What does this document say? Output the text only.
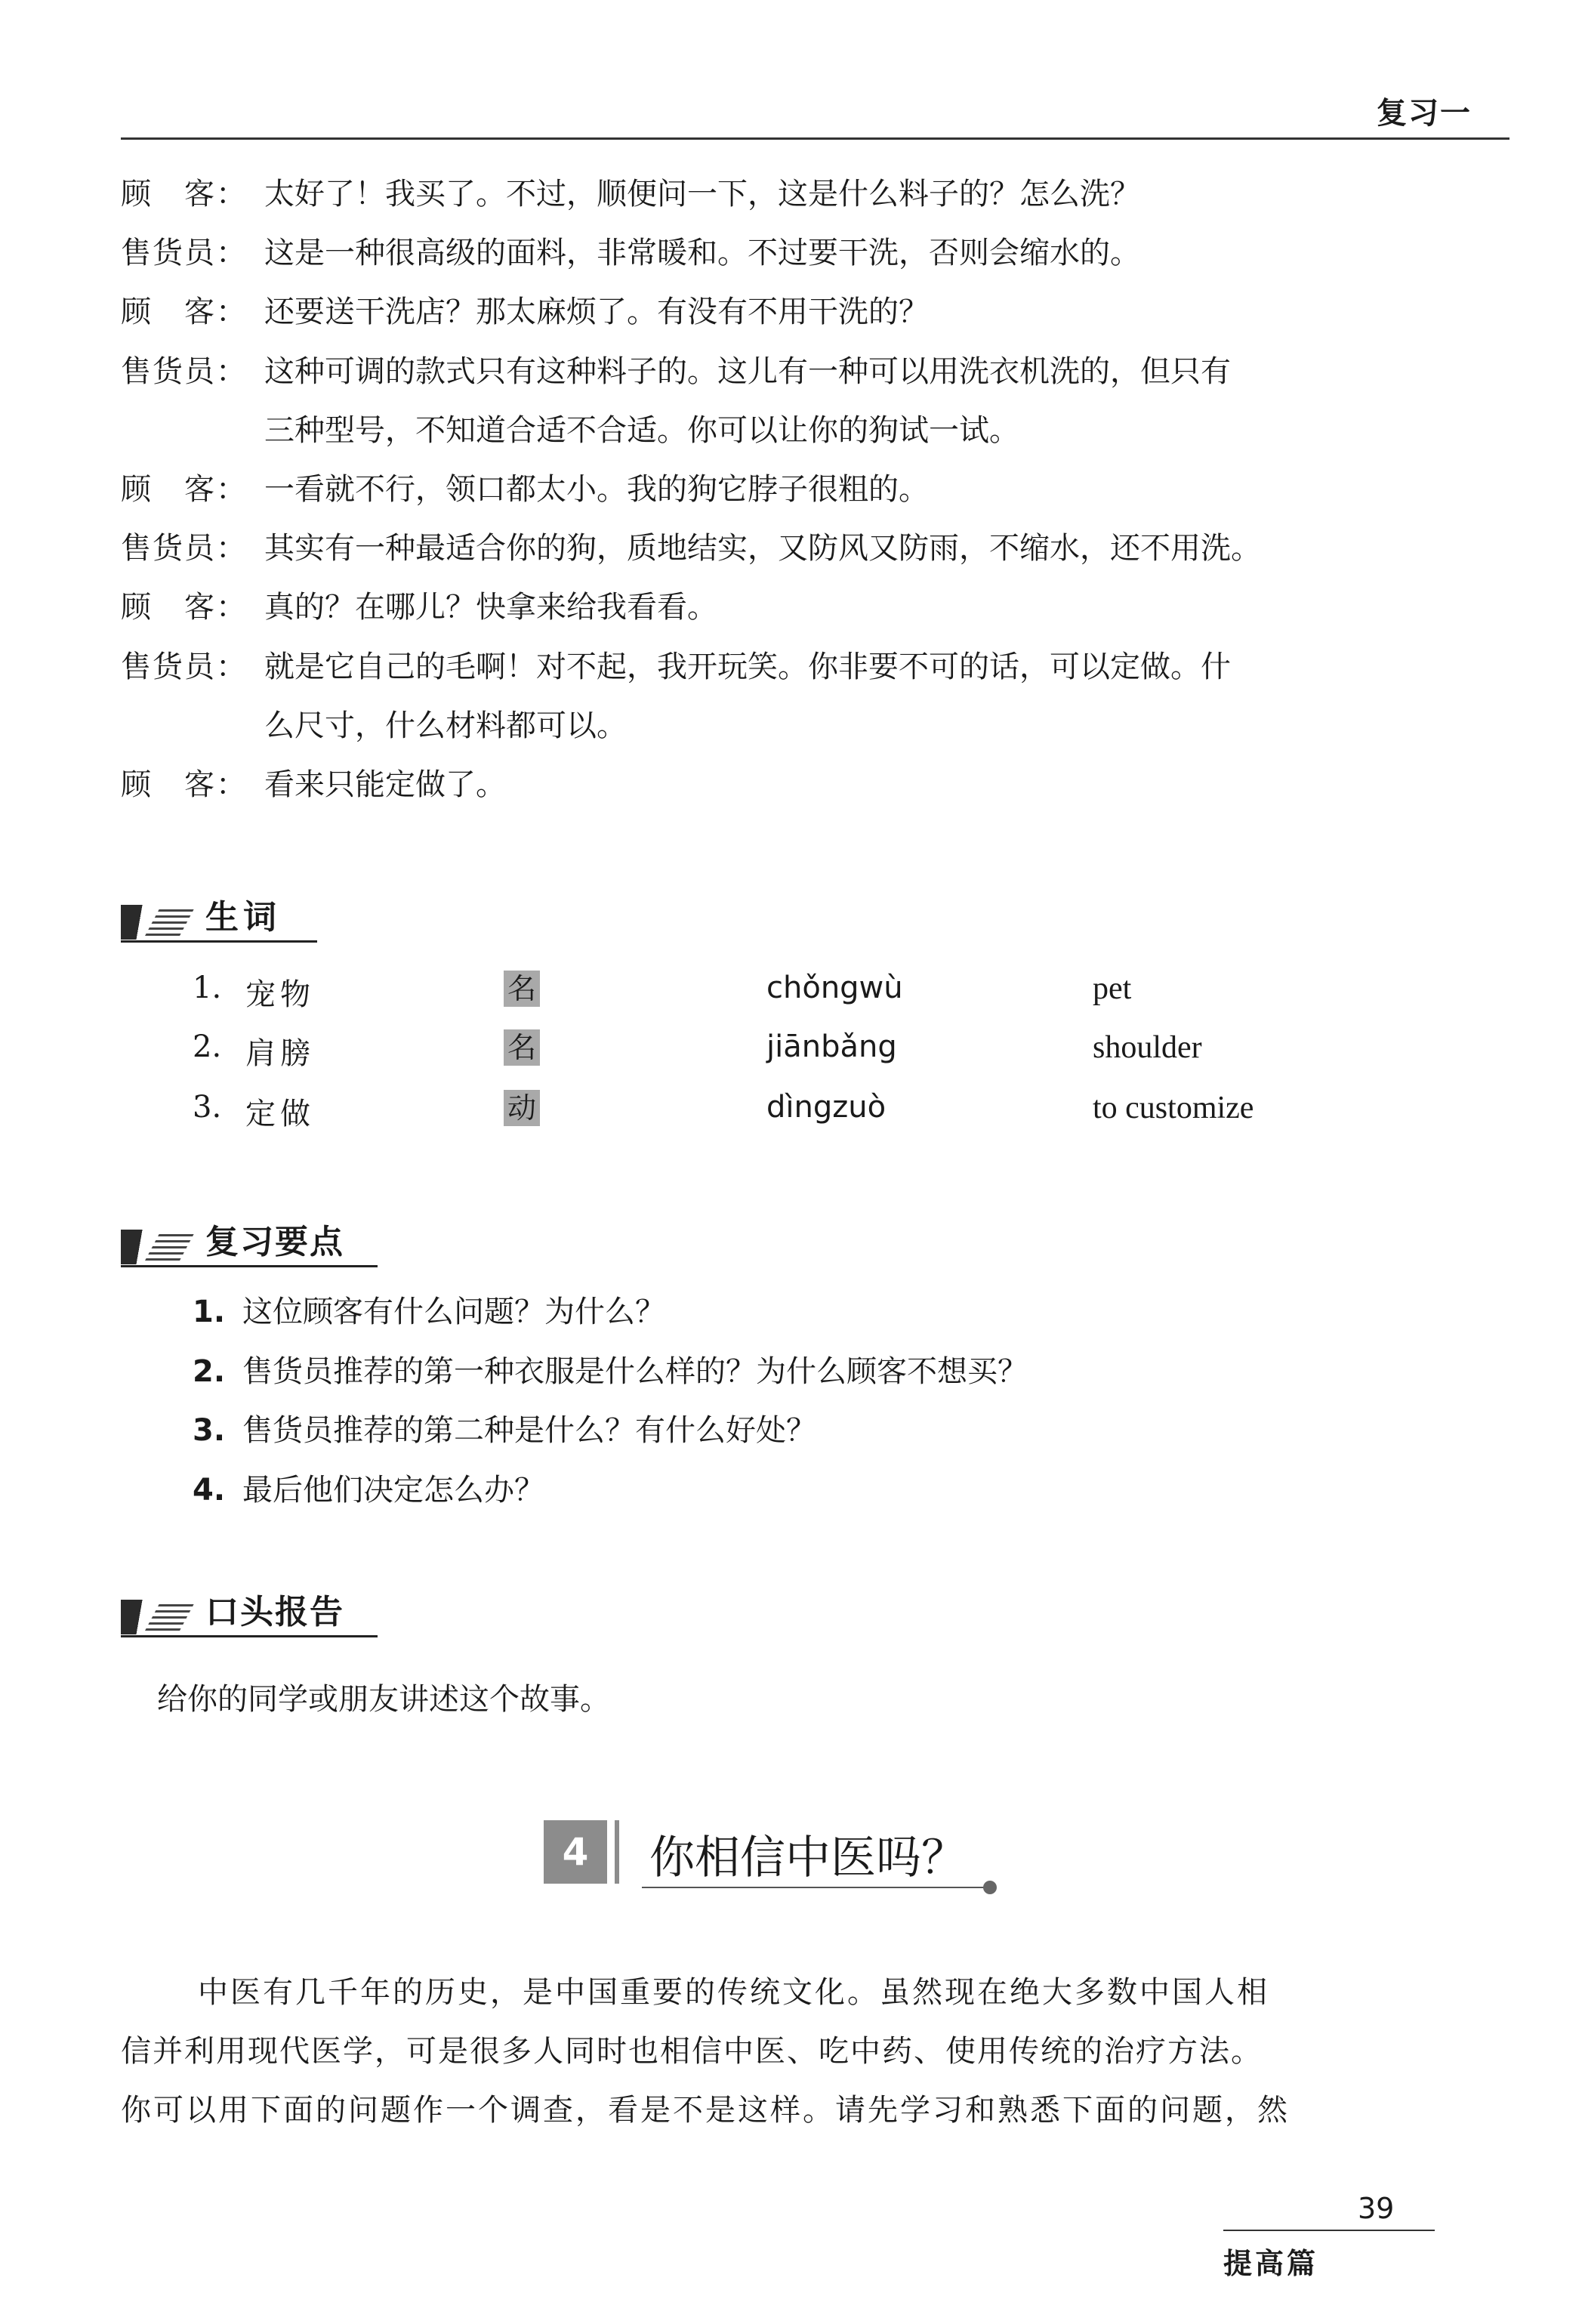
复习一
顾　客： 太好了！我买了。不过，顺便问一下，这是什么料子的？怎么洗？
售货员： 这是一种很高级的面料，非常暖和。不过要干洗，否则会缩水的。
顾　客： 还要送干洗店？那太麻烦了。有没有不用干洗的？
售货员： 这种可调的款式只有这种料子的。这儿有一种可以用洗衣机洗的，但只有
三种型号，不知道合适不合适。你可以让你的狗试一试。
顾　客： 一看就不行，领口都太小。我的狗它脖子很粗的。
售货员： 其实有一种最适合你的狗，质地结实，又防风又防雨，不缩水，还不用洗。
顾　客： 真的？在哪儿？快拿来给我看看。
售货员： 就是它自己的毛啊！对不起，我开玩笑。你非要不可的话，可以定做。什
么尺寸，什么材料都可以。
顾　客： 看来只能定做了。
生词
1. 宠物	名	chǒngwù	pet
2. 肩膀	名	jiānbǎng	shoulder
3. 定做	动	dìngzuò	to customize
复习要点
1. 这位顾客有什么问题？为什么？
2. 售货员推荐的第一种衣服是什么样的？为什么顾客不想买？
3. 售货员推荐的第二种是什么？有什么好处？
4. 最后他们决定怎么办？
口头报告
给你的同学或朋友讲述这个故事。
4	你相信中医吗？
中医有几千年的历史，是中国重要的传统文化。虽然现在绝大多数中国人相
信并利用现代医学，可是很多人同时也相信中医、吃中药、使用传统的治疗方法。
你可以用下面的问题作一个调查，看是不是这样。请先学习和熟悉下面的问题，然
39
提高篇
